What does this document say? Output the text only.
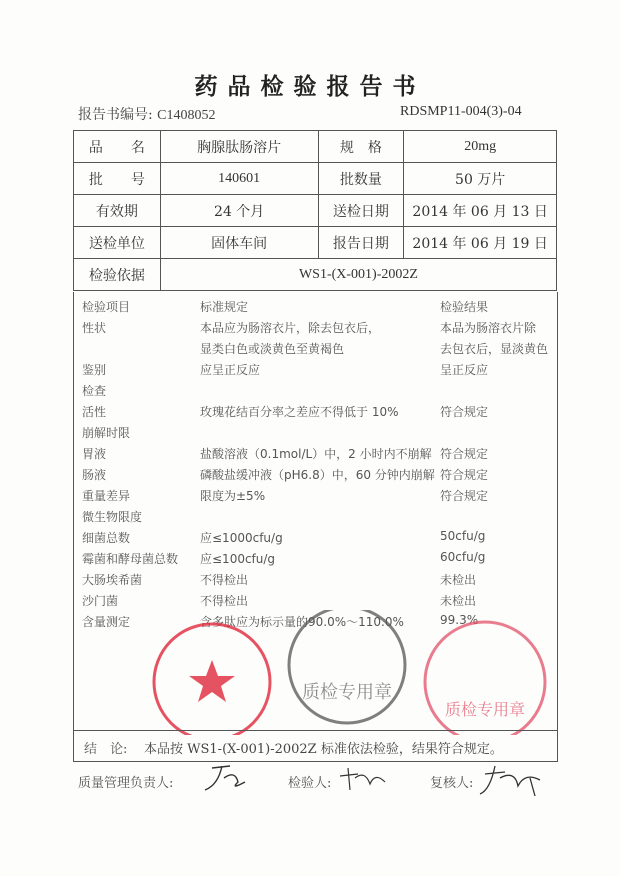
药品检验报告书
报告书编号: C1408052	RDSMP11-004(3)-04
品　　名	胸腺肽肠溶片	规　格	20mg
批　　号	140601	批数量	50 万片
有效期	24 个月	送检日期	2014 年 06 月 13 日
送检单位	固体车间	报告日期	2014 年 06 月 19 日
检验依据	WS1-(X-001)-2002Z		
检验项目	标准规定	检验结果
性状	本品应为肠溶衣片，除去包衣后，	本品为肠溶衣片除
显类白色或淡黄色至黄褐色	去包衣后，显淡黄色
鉴别	应呈正反应	呈正反应
检查
活性	玫瑰花结百分率之差应不得低于 10%	符合规定
崩解时限
胃液	盐酸溶液（0.1mol/L）中，2 小时内不崩解 符合规定
肠液	磷酸盐缓冲液（pH6.8）中，60 分钟内崩解 符合规定
重量差异	限度为±5%	符合规定
微生物限度
细菌总数	应≤1000cfu/g	50cfu/g
霉菌和酵母菌总数 应≤100cfu/g	60cfu/g
大肠埃希菌	不得检出	未检出
沙门菌	不得检出	未检出
含量测定	含多肽应为标示量的90.0%～110.0%	99.3%
质检专用章
质检专用章
结　论: 本品按 WS1-(X-001)-2002Z 标准依法检验，结果符合规定。
质量管理负责人:	检验人:	复核人:
